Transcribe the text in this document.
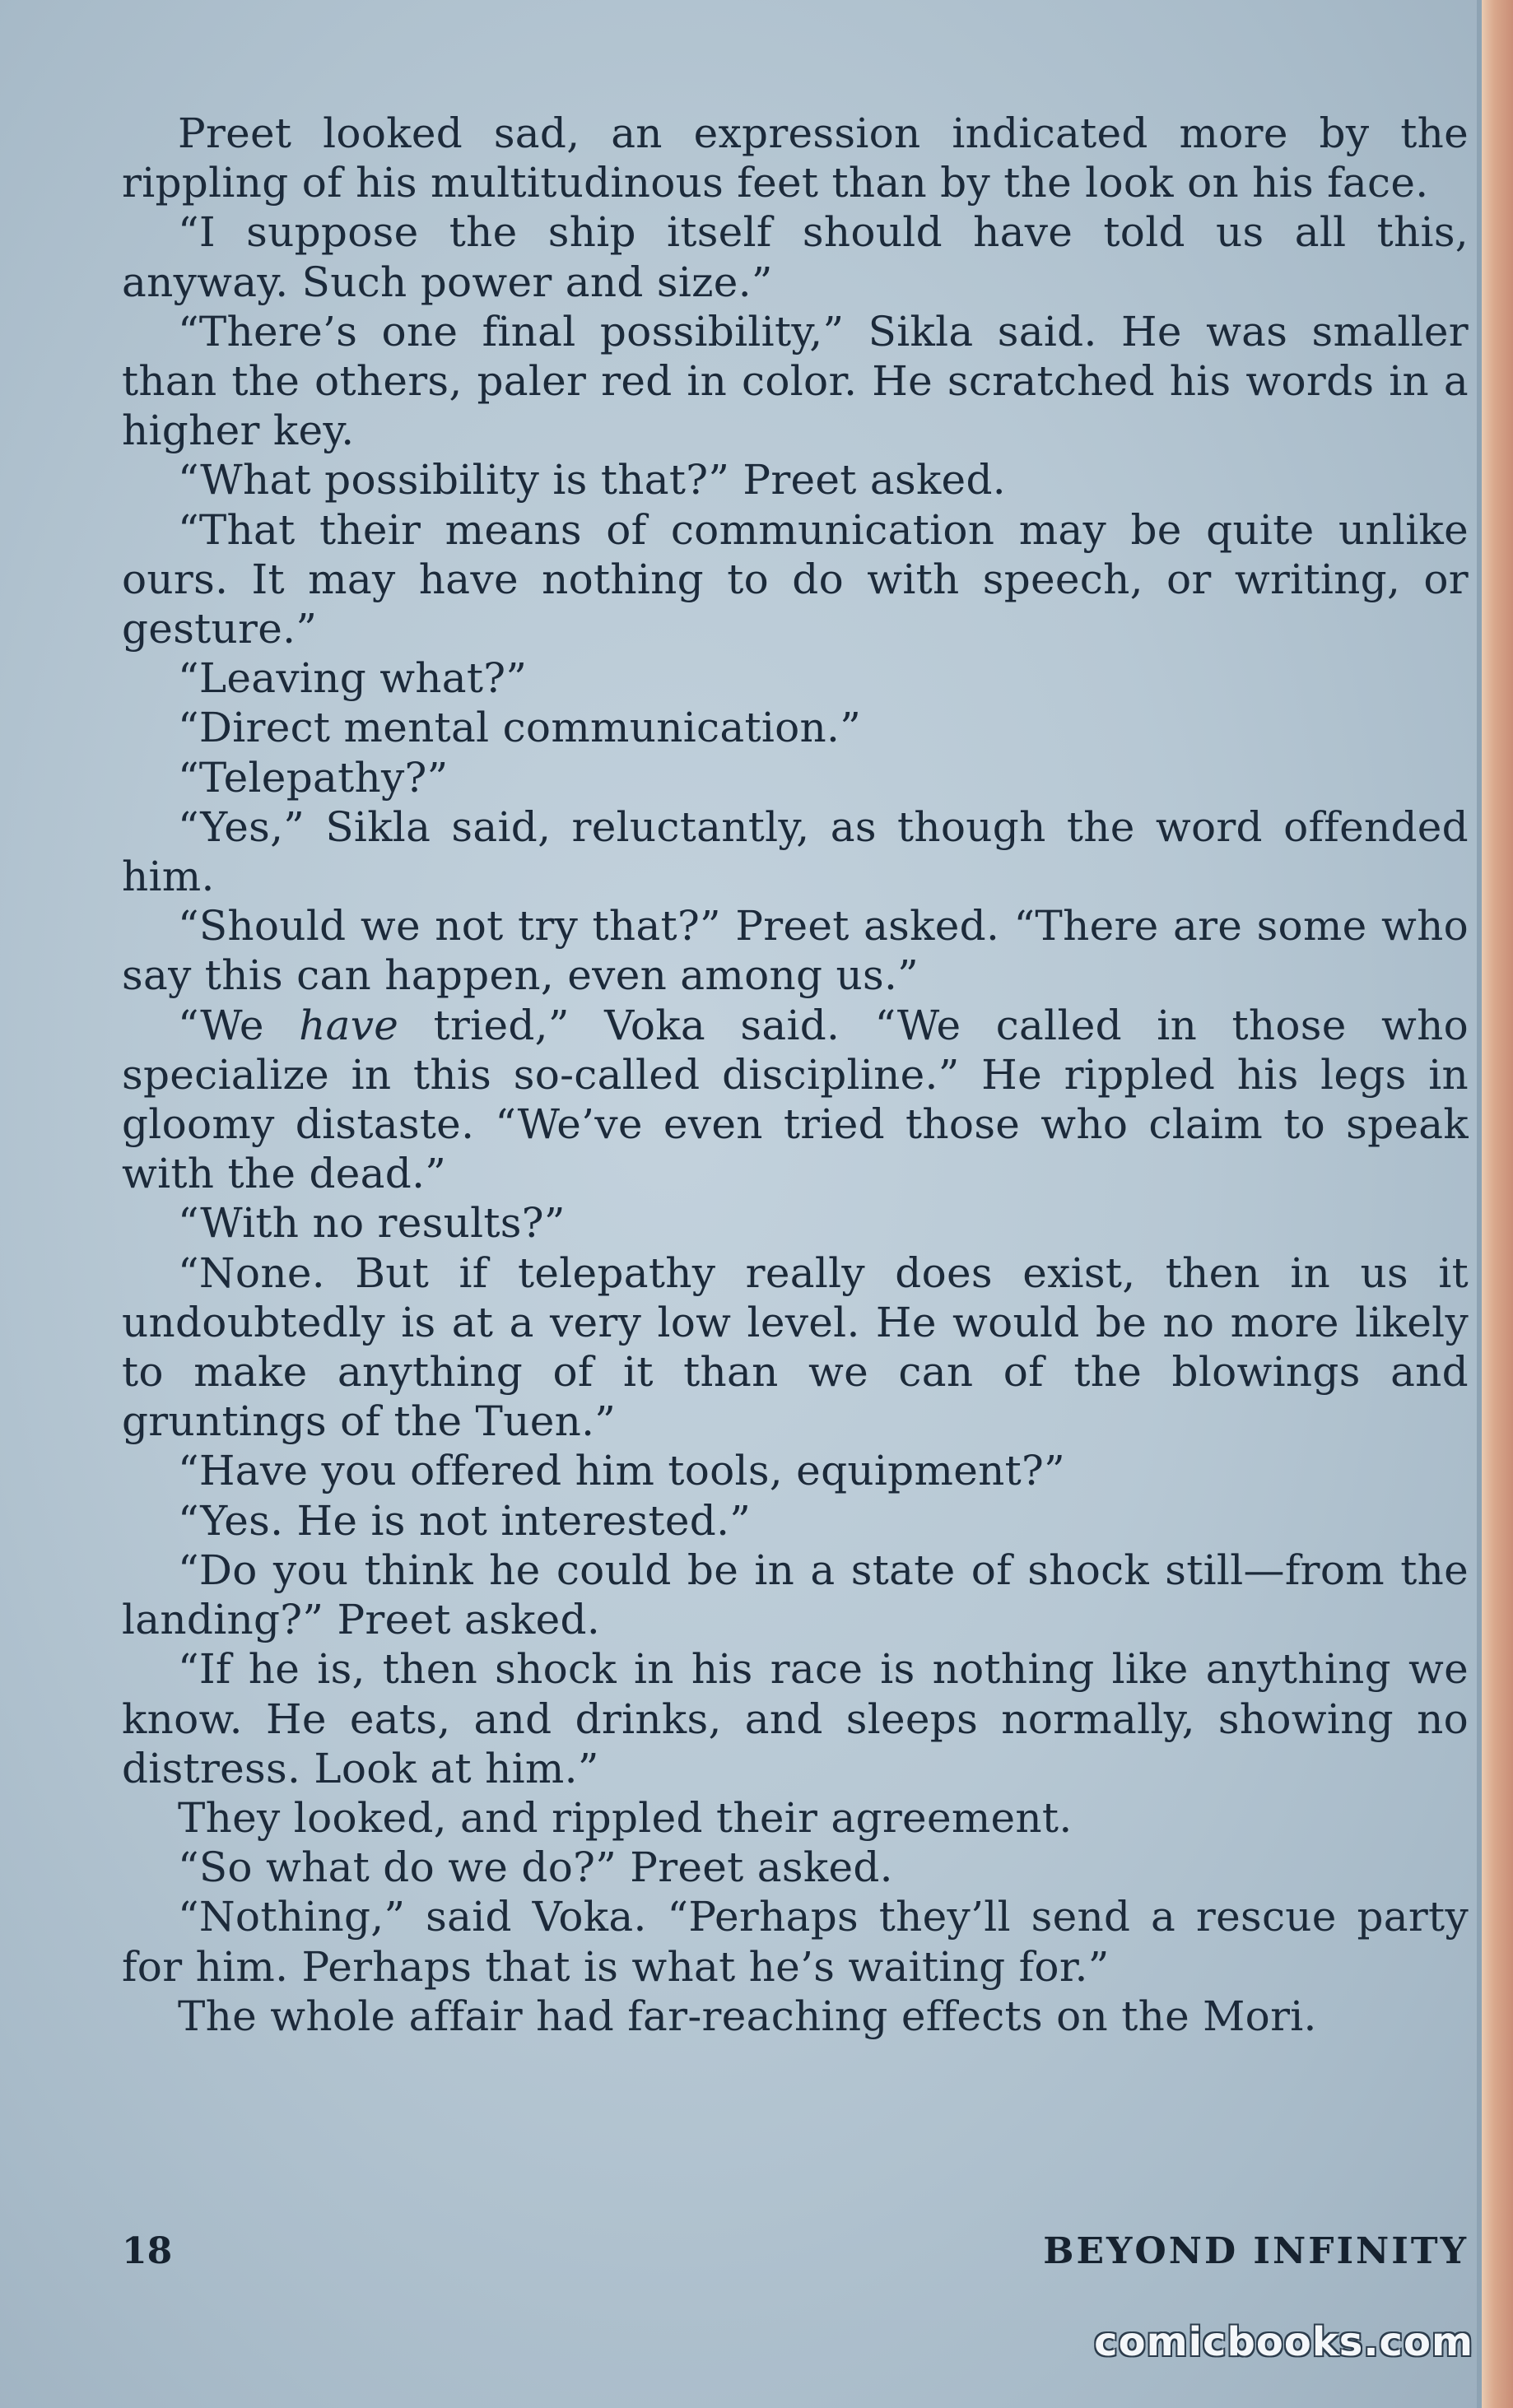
Preet looked sad, an expression indicated more by the rippling of his multitudinous feet than by the look on his face.

“I suppose the ship itself should have told us all this, anyway. Such power and size.”

“There’s one final possibility,” Sikla said. He was smaller than the others, paler red in color. He scratched his words in a higher key.

“What possibility is that?” Preet asked.

“That their means of communication may be quite unlike ours. It may have nothing to do with speech, or writing, or gesture.”

“Leaving what?”

“Direct mental communication.”

“Telepathy?”

“Yes,” Sikla said, reluctantly, as though the word offended him.

“Should we not try that?” Preet asked. “There are some who say this can happen, even among us.”

“We have tried,” Voka said. “We called in those who specialize in this so-called discipline.” He rippled his legs in gloomy distaste. “We’ve even tried those who claim to speak with the dead.”

“With no results?”

“None. But if telepathy really does exist, then in us it undoubtedly is at a very low level. He would be no more likely to make anything of it than we can of the blowings and gruntings of the Tuen.”

“Have you offered him tools, equipment?”

“Yes. He is not interested.”

“Do you think he could be in a state of shock still—from the landing?” Preet asked.

“If he is, then shock in his race is nothing like anything we know. He eats, and drinks, and sleeps normally, showing no distress. Look at him.”

They looked, and rippled their agreement.

“So what do we do?” Preet asked.

“Nothing,” said Voka. “Perhaps they’ll send a rescue party for him. Perhaps that is what he’s waiting for.”

The whole affair had far-reaching effects on the Mori.

18	BEYOND INFINITY
comicbooks.com
